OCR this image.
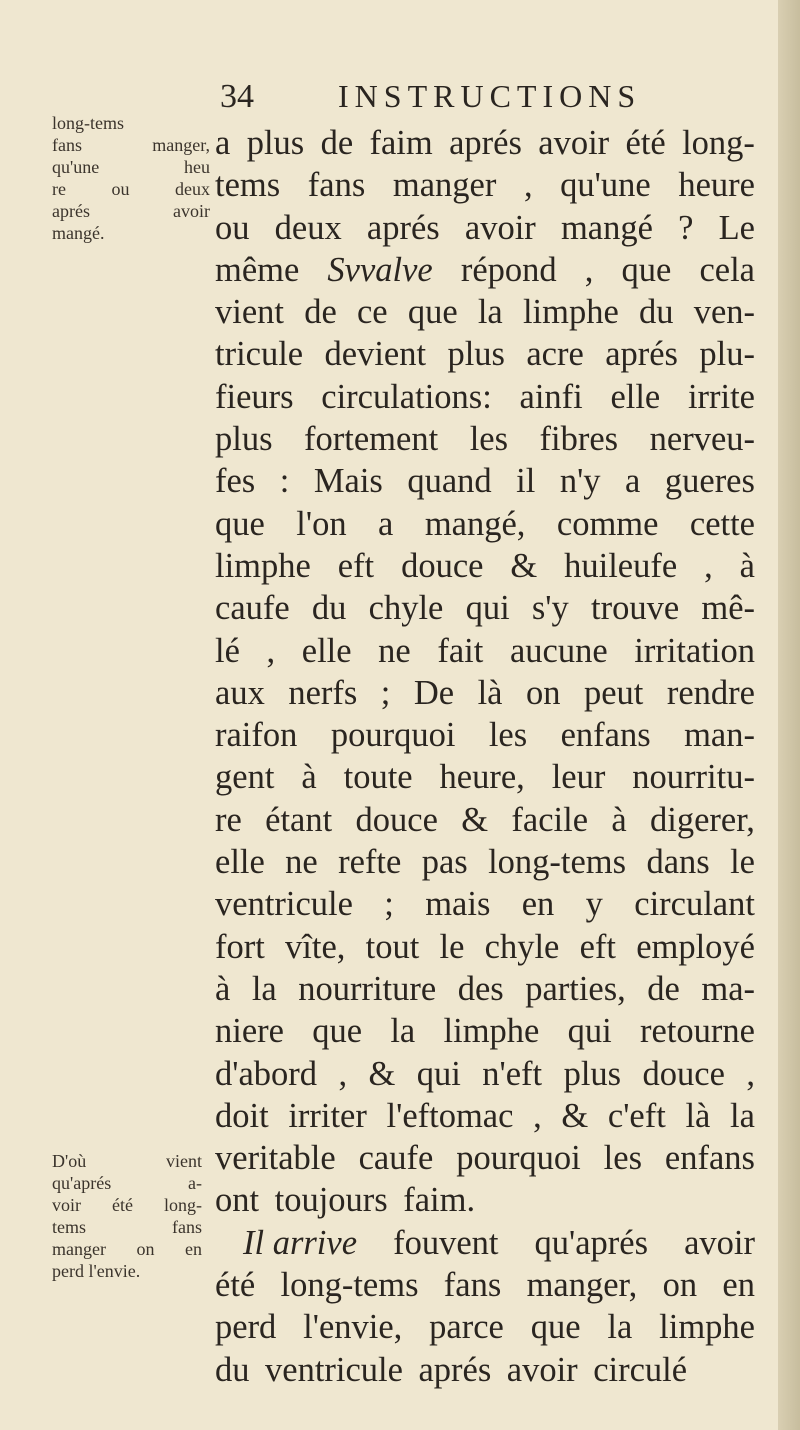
34	INSTRUCTIONS
long-tems
fans	manger,
qu'une	heu
re	ou	deux
aprés	avoir
mangé.
D'où	vient
qu'aprés	a-
voir été long-
tems	fans
manger on en
perd l'envie.
a plus de faim aprés avoir été long-
tems fans manger , qu'une heure
ou deux aprés avoir mangé ? Le
même Svvalve répond , que cela
vient de ce que la limphe du ven-
tricule devient plus acre aprés plu-
fieurs circulations: ainfi elle irrite
plus fortement les fibres nerveu-
fes : Mais quand il n'y a gueres
que l'on a mangé, comme cette
limphe eft douce & huileufe , à
caufe du chyle qui s'y trouve mê-
lé , elle ne fait aucune irritation
aux nerfs ; De là on peut rendre
raifon pourquoi les enfans man-
gent à toute heure, leur nourritu-
re étant douce & facile à digerer,
elle ne refte pas long-tems dans le
ventricule ; mais en y circulant
fort vîte, tout le chyle eft employé
à la nourriture des parties, de ma-
niere que la limphe qui retourne
d'abord , & qui n'eft plus douce ,
doit irriter l'eftomac , & c'eft là la
veritable caufe pourquoi les enfans
ont toujours faim.
Il arrive fouvent qu'aprés avoir
été long-tems fans manger, on en
perd l'envie, parce que la limphe
du ventricule aprés avoir circulé
